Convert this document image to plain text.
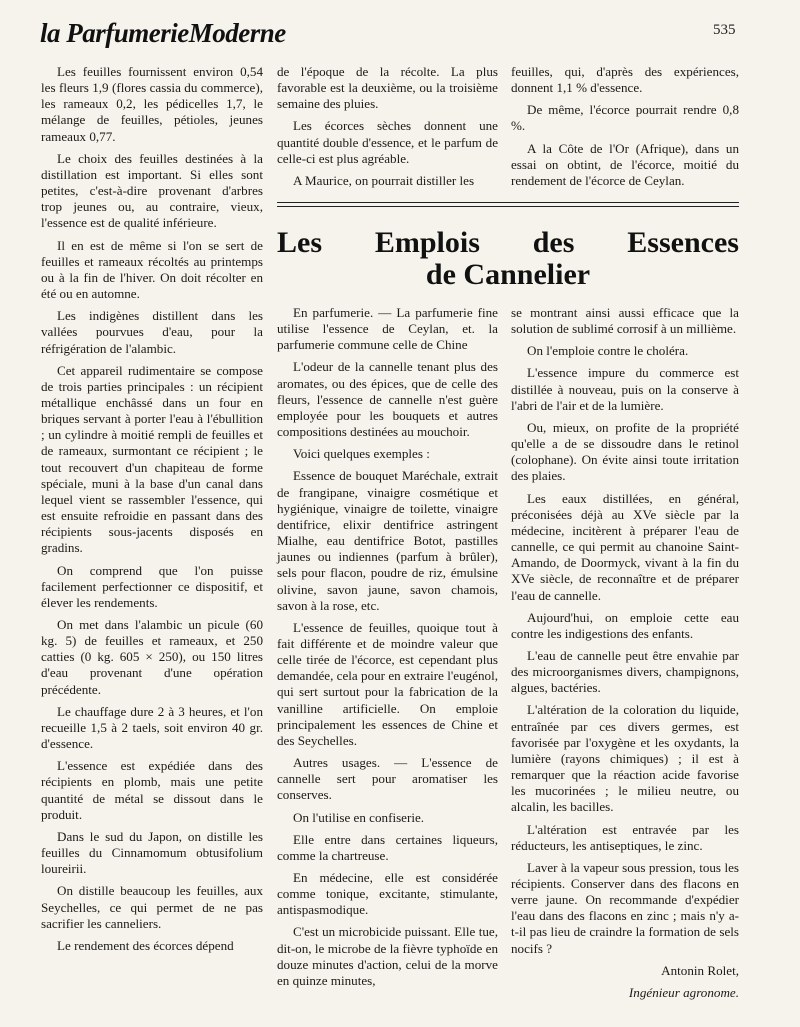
la ParfumerieModerne	535

Les feuilles fournissent environ 0,54 les fleurs 1,9 (flores cassia du commerce), les rameaux 0,2, les pédicelles 1,7, le mélange de feuilles, pétioles, jeunes rameaux 0,77.

Le choix des feuilles destinées à la distillation est important. Si elles sont petites, c'est-à-dire provenant d'arbres trop jeunes ou, au contraire, vieux, l'essence est de qualité inférieure.

Il en est de même si l'on se sert de feuilles et rameaux récoltés au printemps ou à la fin de l'hiver. On doit récolter en été ou en automne.

Les indigènes distillent dans les vallées pourvues d'eau, pour la réfrigération de l'alambic.

Cet appareil rudimentaire se compose de trois parties principales : un récipient métallique enchâssé dans un four en briques servant à porter l'eau à l'ébullition ; un cylindre à moitié rempli de feuilles et de rameaux, surmontant ce récipient ; le tout recouvert d'un chapiteau de forme spéciale, muni à la base d'un canal dans lequel vient se rassembler l'essence, qui est ensuite refroidie en passant dans des récipients sous-jacents disposés en gradins.

On comprend que l'on puisse facilement perfectionner ce dispositif, et élever les rendements.

On met dans l'alambic un picule (60 kg. 5) de feuilles et rameaux, et 250 catties (0 kg. 605 × 250), ou 150 litres d'eau provenant d'une opération précédente.

Le chauffage dure 2 à 3 heures, et l'on recueille 1,5 à 2 taels, soit environ 40 gr. d'essence.

L'essence est expédiée dans des récipients en plomb, mais une petite quantité de métal se dissout dans le produit.

Dans le sud du Japon, on distille les feuilles du Cinnamomum obtusifolium loureirii.

On distille beaucoup les feuilles, aux Seychelles, ce qui permet de ne pas sacrifier les canneliers.

Le rendement des écorces dépend

de l'époque de la récolte. La plus favorable est la deuxième, ou la troisième semaine des pluies.

Les écorces sèches donnent une quantité double d'essence, et le parfum de celle-ci est plus agréable.

A Maurice, on pourrait distiller les

feuilles, qui, d'après des expériences, donnent 1,1 % d'essence.

De même, l'écorce pourrait rendre 0,8 %.

A la Côte de l'Or (Afrique), dans un essai on obtint, de l'écorce, moitié du rendement de l'écorce de Ceylan.

Les Emplois des Essences
de Cannelier

En parfumerie. — La parfumerie fine utilise l'essence de Ceylan, et. la parfumerie commune celle de Chine

L'odeur de la cannelle tenant plus des aromates, ou des épices, que de celle des fleurs, l'essence de cannelle n'est guère employée pour les bouquets et autres compositions destinées au mouchoir.

Voici quelques exemples :

Essence de bouquet Maréchale, extrait de frangipane, vinaigre cosmétique et hygiénique, vinaigre de toilette, vinaigre dentifrice, elixir dentifrice astringent Mialhe, eau dentifrice Botot, pastilles jaunes ou indiennes (parfum à brûler), sels pour flacon, poudre de riz, émulsine olivine, savon jaune, savon chamois, savon à la rose, etc.

L'essence de feuilles, quoique tout à fait différente et de moindre valeur que celle tirée de l'écorce, est cependant plus demandée, cela pour en extraire l'eugénol, qui sert surtout pour la fabrication de la vanilline artificielle. On emploie principalement les essences de Chine et des Seychelles.

Autres usages. — L'essence de cannelle sert pour aromatiser les conserves.

On l'utilise en confiserie.

Elle entre dans certaines liqueurs, comme la chartreuse.

En médecine, elle est considérée comme tonique, excitante, stimulante, antispasmodique.

C'est un microbicide puissant. Elle tue, dit-on, le microbe de la fièvre typhoïde en douze minutes d'action, celui de la morve en quinze minutes,

se montrant ainsi aussi efficace que la solution de sublimé corrosif à un millième.

On l'emploie contre le choléra.

L'essence impure du commerce est distillée à nouveau, puis on la conserve à l'abri de l'air et de la lumière.

Ou, mieux, on profite de la propriété qu'elle a de se dissoudre dans le retinol (colophane). On évite ainsi toute irritation des plaies.

Les eaux distillées, en général, préconisées déjà au XVe siècle par la médecine, incitèrent à préparer l'eau de cannelle, ce qui permit au chanoine Saint-Amando, de Doormyck, vivant à la fin du XVe siècle, de reconnaître et de préparer l'eau de cannelle.

Aujourd'hui, on emploie cette eau contre les indigestions des enfants.

L'eau de cannelle peut être envahie par des microorganismes divers, champignons, algues, bactéries.

L'altération de la coloration du liquide, entraînée par ces divers germes, est favorisée par l'oxygène et les oxydants, la lumière (rayons chimiques) ; il est à remarquer que la réaction acide favorise les mucorinées ; le milieu neutre, ou alcalin, les bacilles.

L'altération est entravée par les réducteurs, les antiseptiques, le zinc.

Laver à la vapeur sous pression, tous les récipients. Conserver dans des flacons en verre jaune. On recommande d'expédier l'eau dans des flacons en zinc ; mais n'y a-t-il pas lieu de craindre la formation de sels nocifs ?

Antonin Rolet,

Ingénieur agronome.
